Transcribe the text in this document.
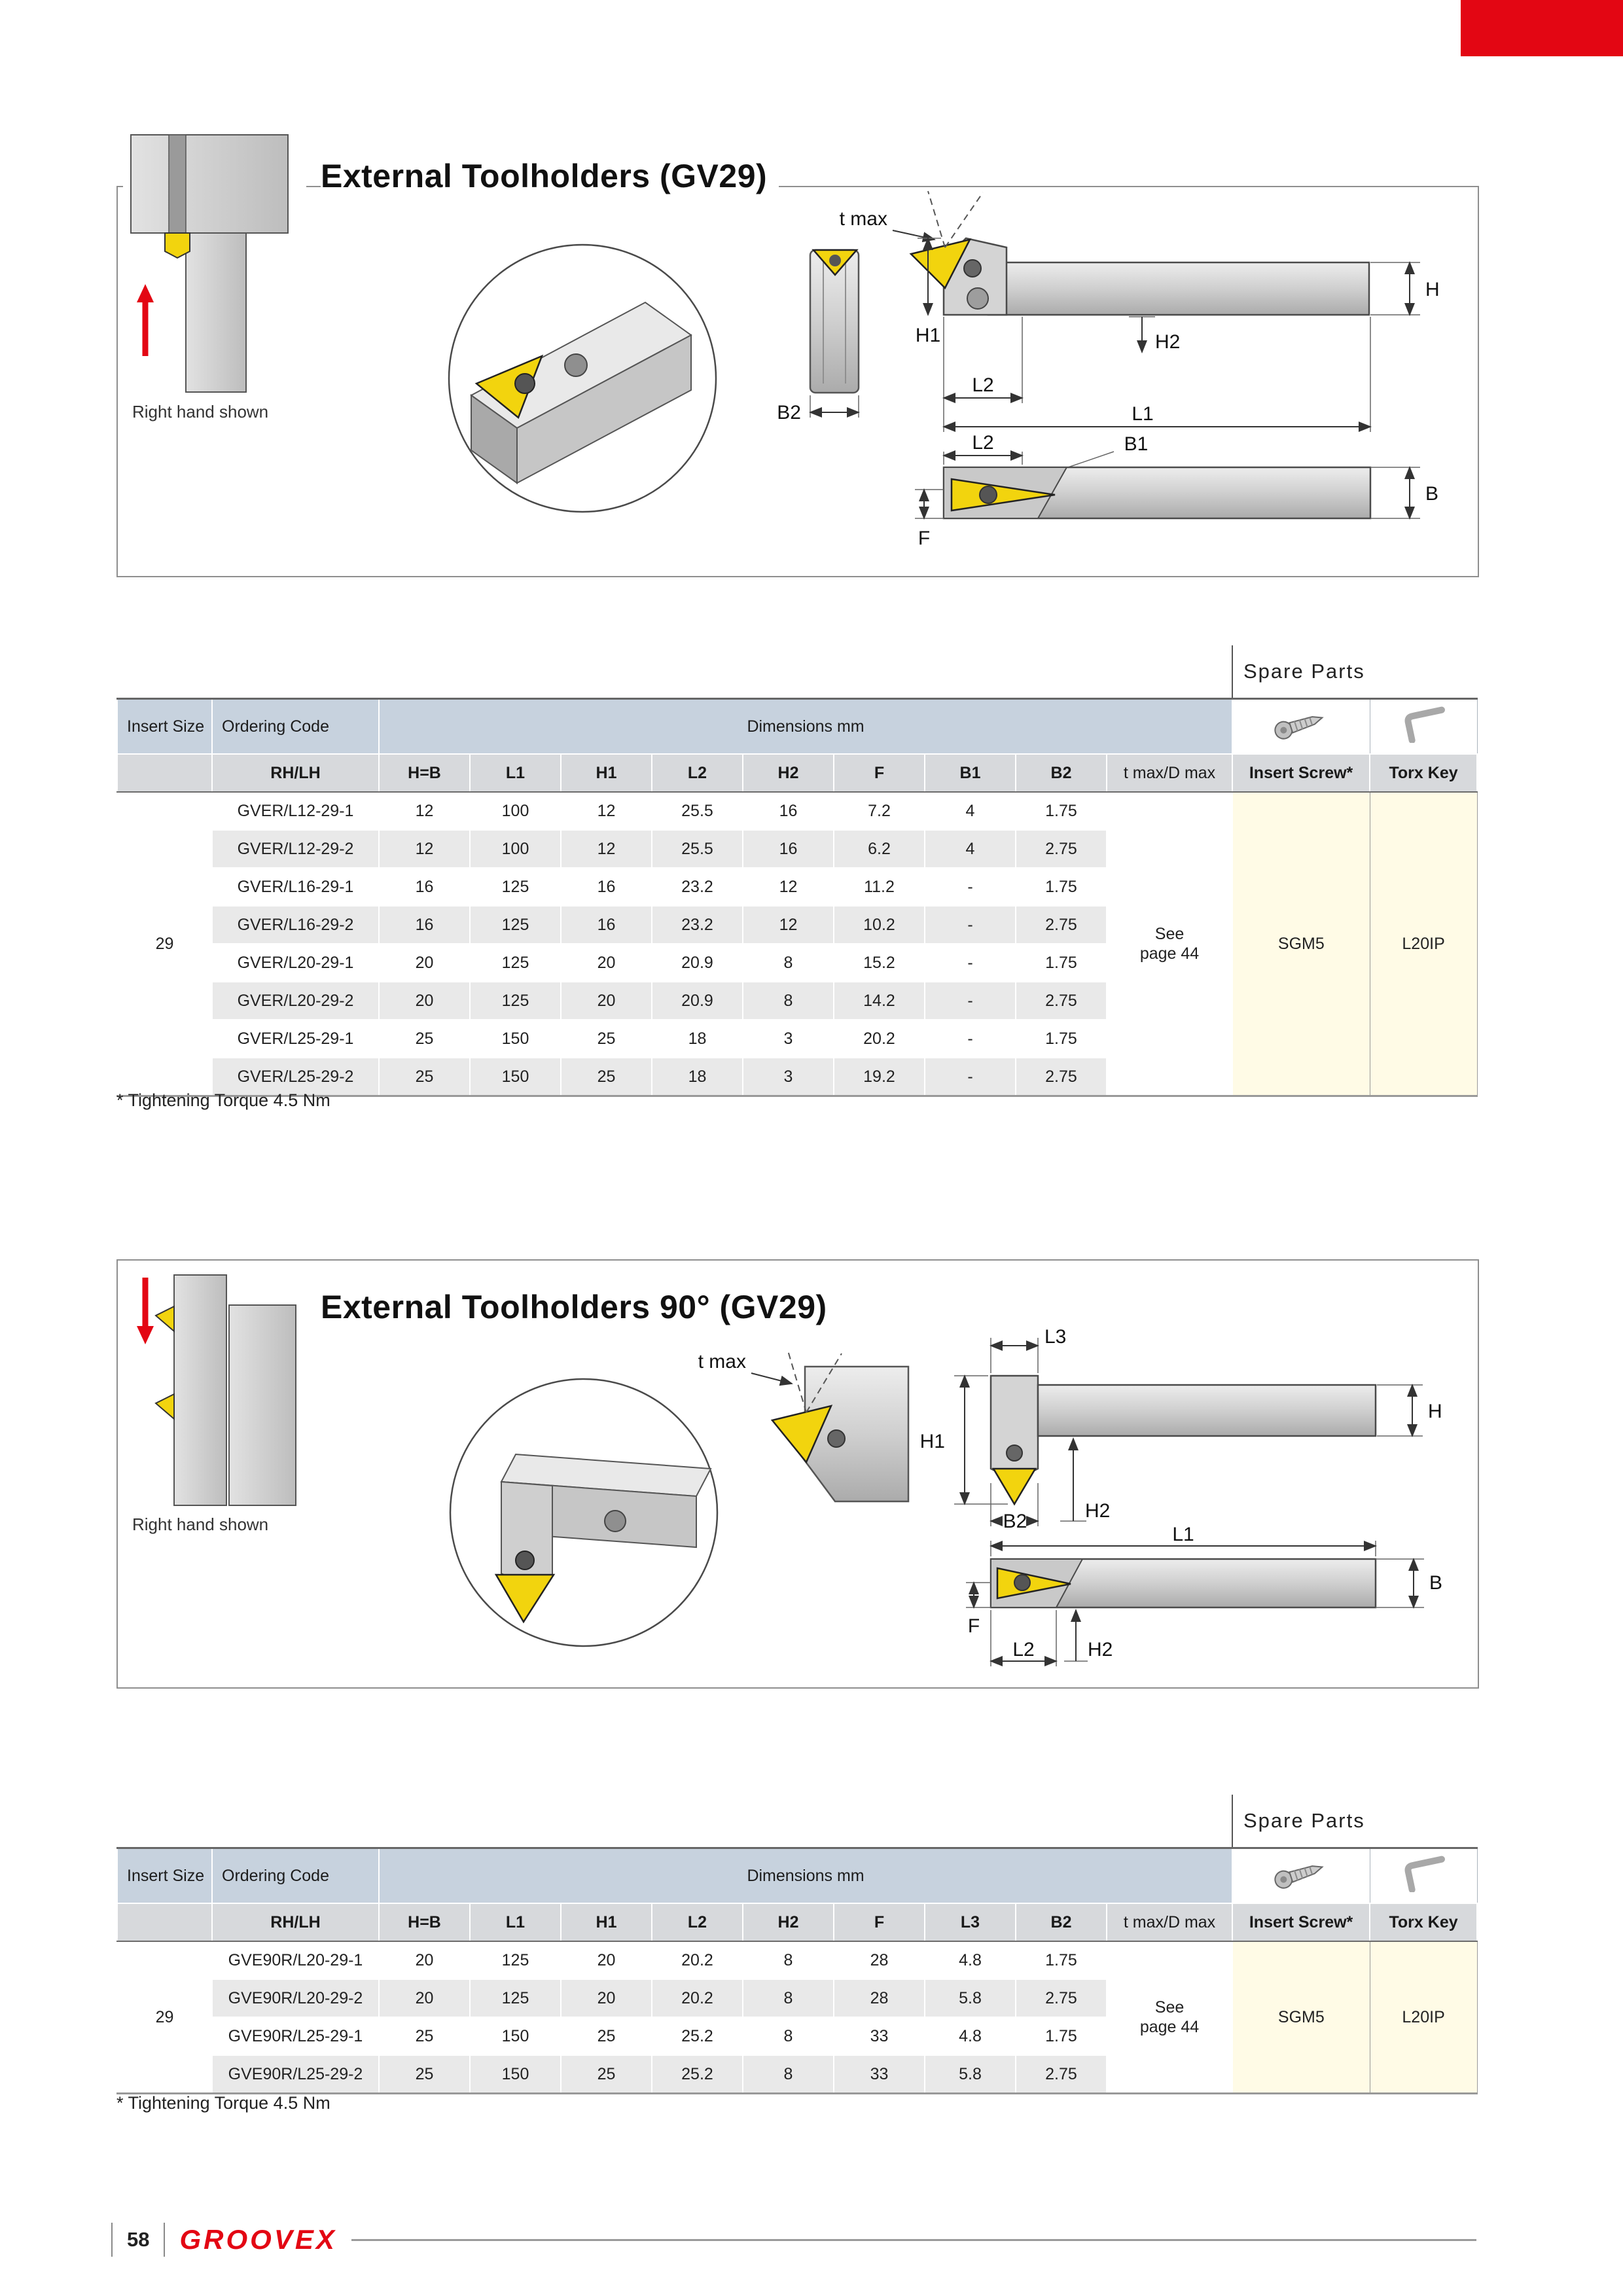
External Toolholders (GV29)
B2
t max
H
H1	H2
L2
L1
B1
L2
F
B
Right hand shown
Spare Parts
Insert Size	Ordering Code	Dimensions mm		
	RH/LH	H=B	L1	H1	L2	H2	F	B1	B2	t max/D max	Insert Screw*	Torx Key
29	GVER/L12-29-1	12	100	12	25.5	16	7.2	4	1.75	See page 44	SGM5	L20IP
	GVER/L12-29-2	12	100	12	25.5	16	6.2	4	2.75			
	GVER/L16-29-1	16	125	16	23.2	12	11.2	-	1.75			
	GVER/L16-29-2	16	125	16	23.2	12	10.2	-	2.75			
	GVER/L20-29-1	20	125	20	20.9	8	15.2	-	1.75			
	GVER/L20-29-2	20	125	20	20.9	8	14.2	-	2.75			
	GVER/L25-29-1	25	150	25	18	3	20.2	-	1.75			
	GVER/L25-29-2	25	150	25	18	3	19.2	-	2.75			
* Tightening Torque 4.5 Nm
External Toolholders 90° (GV29)
t max
L3
H1
B2	H2
H
L1
F
B
L2	H2
Right hand shown
Spare Parts
Insert Size	Ordering Code	Dimensions mm		
	RH/LH	H=B	L1	H1	L2	H2	F	L3	B2	t max/D max	Insert Screw*	Torx Key
29	GVE90R/L20-29-1	20	125	20	20.2	8	28	4.8	1.75	See page 44	SGM5	L20IP
	GVE90R/L20-29-2	20	125	20	20.2	8	28	5.8	2.75			
	GVE90R/L25-29-1	25	150	25	25.2	8	33	4.8	1.75			
	GVE90R/L25-29-2	25	150	25	25.2	8	33	5.8	2.75			
* Tightening Torque 4.5 Nm
58 GROOVEX
